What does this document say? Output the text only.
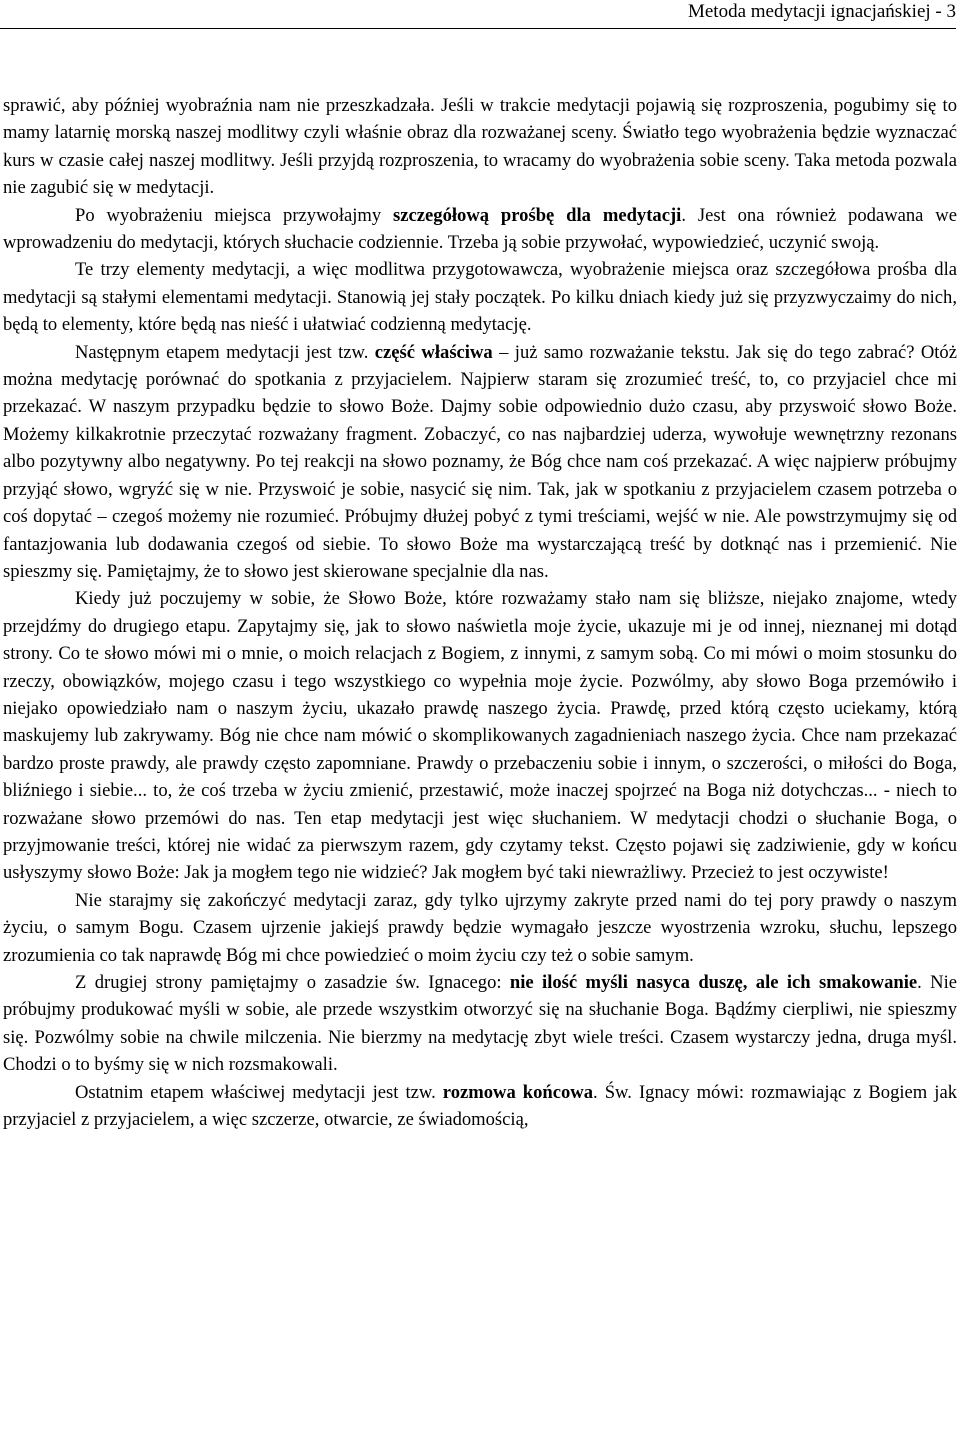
Metoda medytacji ignacjańskiej - 3

sprawić, aby później wyobraźnia nam nie przeszkadzała. Jeśli w trakcie medytacji pojawią się rozproszenia, pogubimy się to mamy latarnię morską naszej modlitwy czyli właśnie obraz dla rozważanej sceny. Światło tego wyobrażenia będzie wyznaczać kurs w czasie całej naszej modlitwy. Jeśli przyjdą rozproszenia, to wracamy do wyobrażenia sobie sceny. Taka metoda pozwala nie zagubić się w medytacji.

Po wyobrażeniu miejsca przywołajmy szczegółową prośbę dla medytacji. Jest ona również podawana we wprowadzeniu do medytacji, których słuchacie codziennie. Trzeba ją sobie przywołać, wypowiedzieć, uczynić swoją.

Te trzy elementy medytacji, a więc modlitwa przygotowawcza, wyobrażenie miejsca oraz szczegółowa prośba dla medytacji są stałymi elementami medytacji. Stanowią jej stały początek. Po kilku dniach kiedy już się przyzwyczaimy do nich, będą to elementy, które będą nas nieść i ułatwiać codzienną medytację.

Następnym etapem medytacji jest tzw. część właściwa – już samo rozważanie tekstu. Jak się do tego zabrać? Otóż można medytację porównać do spotkania z przyjacielem. Najpierw staram się zrozumieć treść, to, co przyjaciel chce mi przekazać. W naszym przypadku będzie to słowo Boże. Dajmy sobie odpowiednio dużo czasu, aby przyswoić słowo Boże. Możemy kilkakrotnie przeczytać rozważany fragment. Zobaczyć, co nas najbardziej uderza, wywołuje wewnętrzny rezonans albo pozytywny albo negatywny. Po tej reakcji na słowo poznamy, że Bóg chce nam coś przekazać. A więc najpierw próbujmy przyjąć słowo, wgryźć się w nie. Przyswoić je sobie, nasycić się nim. Tak, jak w spotkaniu z przyjacielem czasem potrzeba o coś dopytać – czegoś możemy nie rozumieć. Próbujmy dłużej pobyć z tymi treściami, wejść w nie. Ale powstrzymujmy się od fantazjowania lub dodawania czegoś od siebie. To słowo Boże ma wystarczającą treść by dotknąć nas i przemienić. Nie spieszmy się. Pamiętajmy, że to słowo jest skierowane specjalnie dla nas.

Kiedy już poczujemy w sobie, że Słowo Boże, które rozważamy stało nam się bliższe, niejako znajome, wtedy przejdźmy do drugiego etapu. Zapytajmy się, jak to słowo naświetla moje życie, ukazuje mi je od innej, nieznanej mi dotąd strony. Co te słowo mówi mi o mnie, o moich relacjach z Bogiem, z innymi, z samym sobą. Co mi mówi o moim stosunku do rzeczy, obowiązków, mojego czasu i tego wszystkiego co wypełnia moje życie. Pozwólmy, aby słowo Boga przemówiło i niejako opowiedziało nam o naszym życiu, ukazało prawdę naszego życia. Prawdę, przed którą często uciekamy, którą maskujemy lub zakrywamy. Bóg nie chce nam mówić o skomplikowanych zagadnieniach naszego życia. Chce nam przekazać bardzo proste prawdy, ale prawdy często zapomniane. Prawdy o przebaczeniu sobie i innym, o szczerości, o miłości do Boga, bliźniego i siebie... to, że coś trzeba w życiu zmienić, przestawić, może inaczej spojrzeć na Boga niż dotychczas... - niech to rozważane słowo przemówi do nas. Ten etap medytacji jest więc słuchaniem. W medytacji chodzi o słuchanie Boga, o przyjmowanie treści, której nie widać za pierwszym razem, gdy czytamy tekst. Często pojawi się zadziwienie, gdy w końcu usłyszymy słowo Boże: Jak ja mogłem tego nie widzieć? Jak mogłem być taki niewrażliwy. Przecież to jest oczywiste!

Nie starajmy się zakończyć medytacji zaraz, gdy tylko ujrzymy zakryte przed nami do tej pory prawdy o naszym życiu, o samym Bogu. Czasem ujrzenie jakiejś prawdy będzie wymagało jeszcze wyostrzenia wzroku, słuchu, lepszego zrozumienia co tak naprawdę Bóg mi chce powiedzieć o moim życiu czy też o sobie samym.

Z drugiej strony pamiętajmy o zasadzie św. Ignacego: nie ilość myśli nasyca duszę, ale ich smakowanie. Nie próbujmy produkować myśli w sobie, ale przede wszystkim otworzyć się na słuchanie Boga. Bądźmy cierpliwi, nie spieszmy się. Pozwólmy sobie na chwile milczenia. Nie bierzmy na medytację zbyt wiele treści. Czasem wystarczy jedna, druga myśl. Chodzi o to byśmy się w nich rozsmakowali.

Ostatnim etapem właściwej medytacji jest tzw. rozmowa końcowa. Św. Ignacy mówi: rozmawiając z Bogiem jak przyjaciel z przyjacielem, a więc szczerze, otwarcie, ze świadomością,
